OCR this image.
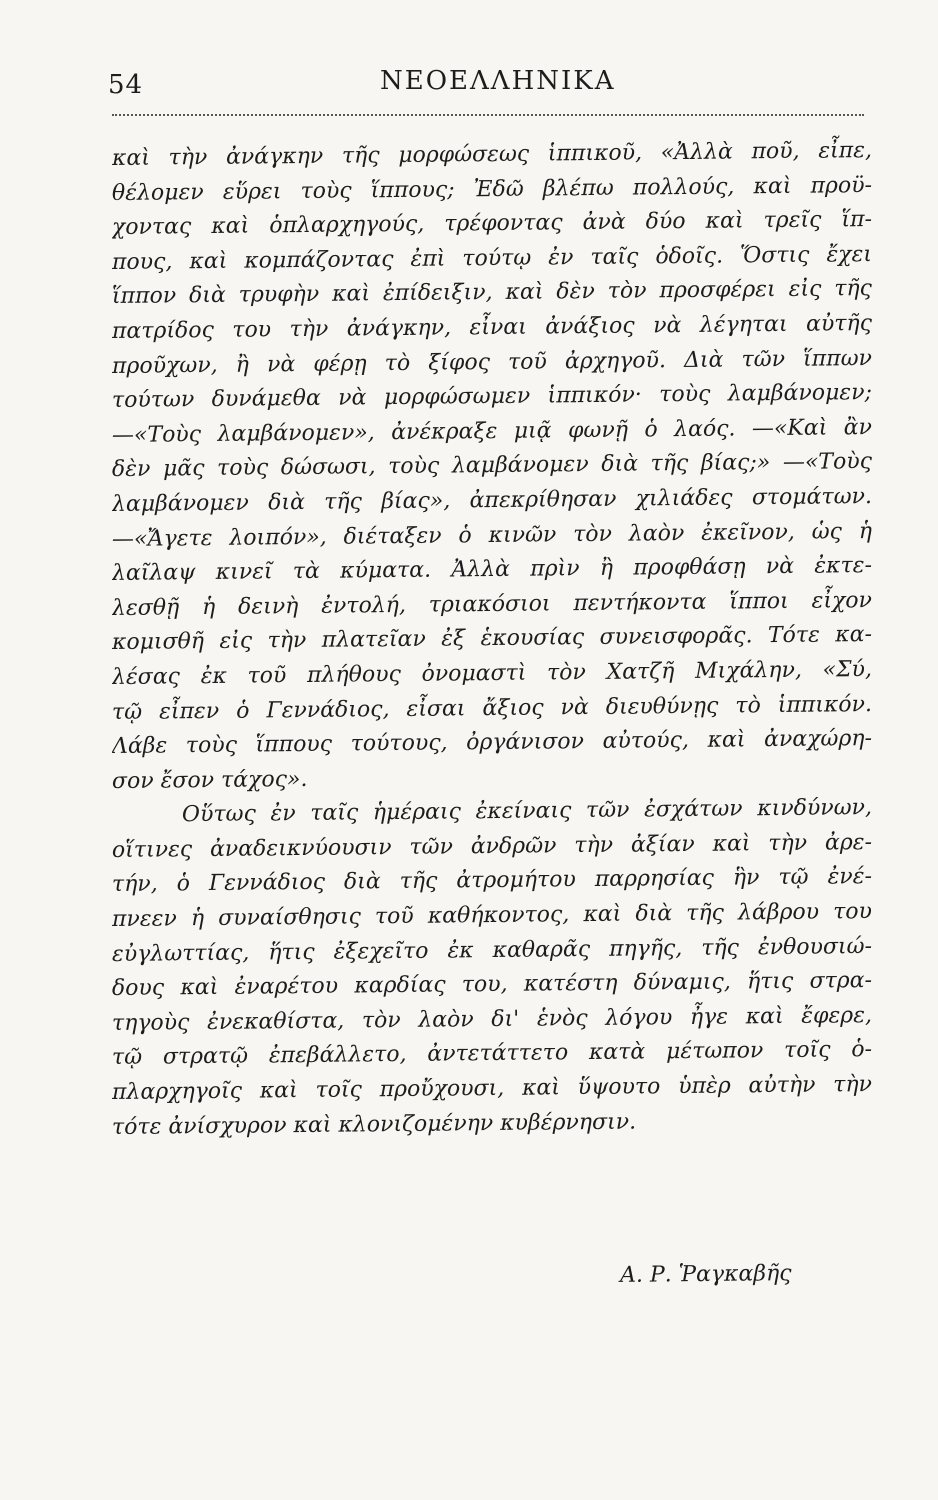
54	ΝΕΟΕΛΛΗΝΙΚΑ
καὶ τὴν ἀνάγκην τῆς μορφώσεως ἱππικοῦ, «Ἀλλὰ ποῦ, εἶπε,
θέλομεν εὕρει τοὺς ἵππους; Ἐδῶ βλέπω πολλούς, καὶ προϋ-
χοντας καὶ ὁπλαρχηγούς, τρέφοντας ἀνὰ δύο καὶ τρεῖς ἵπ-
πους, καὶ κομπάζοντας ἐπὶ τούτῳ ἐν ταῖς ὁδοῖς. Ὅστις ἔχει
ἵππον διὰ τρυφὴν καὶ ἐπίδειξιν, καὶ δὲν τὸν προσφέρει εἰς τῆς
πατρίδος του τὴν ἀνάγκην, εἶναι ἀνάξιος νὰ λέγηται αὐτῆς
προῦχων, ἢ νὰ φέρῃ τὸ ξίφος τοῦ ἀρχηγοῦ. Διὰ τῶν ἵππων
τούτων δυνάμεθα νὰ μορφώσωμεν ἱππικόν· τοὺς λαμβάνομεν;
—«Τοὺς λαμβάνομεν», ἀνέκραξε μιᾷ φωνῇ ὁ λαός. —«Καὶ ἂν
δὲν μᾶς τοὺς δώσωσι, τοὺς λαμβάνομεν διὰ τῆς βίας;» —«Τοὺς
λαμβάνομεν διὰ τῆς βίας», ἀπεκρίθησαν χιλιάδες στομάτων.
—«Ἄγετε λοιπόν», διέταξεν ὁ κινῶν τὸν λαὸν ἐκεῖνον, ὡς ἡ
λαῖλαψ κινεῖ τὰ κύματα. Ἀλλὰ πρὶν ἢ προφθάσῃ νὰ ἐκτε-
λεσθῇ ἡ δεινὴ ἐντολή, τριακόσιοι πεντήκοντα ἵπποι εἶχον
κομισθῆ εἰς τὴν πλατεῖαν ἐξ ἑκουσίας συνεισφορᾶς. Τότε κα-
λέσας ἐκ τοῦ πλήθους ὀνομαστὶ τὸν Χατζῆ Μιχάλην, «Σύ,
τῷ εἶπεν ὁ Γεννάδιος, εἶσαι ἄξιος νὰ διευθύνῃς τὸ ἱππικόν.
Λάβε τοὺς ἵππους τούτους, ὀργάνισον αὐτούς, καὶ ἀναχώρη-
σον ἔσον τάχος».
Οὕτως ἐν ταῖς ἡμέραις ἐκείναις τῶν ἐσχάτων κινδύνων,
οἵτινες ἀναδεικνύουσιν τῶν ἀνδρῶν τὴν ἀξίαν καὶ τὴν ἀρε-
τήν, ὁ Γεννάδιος διὰ τῆς ἀτρομήτου παρρησίας ἣν τῷ ἐνέ-
πνεεν ἡ συναίσθησις τοῦ καθήκοντος, καὶ διὰ τῆς λάβρου του
εὐγλωττίας, ἥτις ἐξεχεῖτο ἐκ καθαρᾶς πηγῆς, τῆς ἐνθουσιώ-
δους καὶ ἐναρέτου καρδίας του, κατέστη δύναμις, ἥτις στρα-
τηγοὺς ἐνεκαθίστα, τὸν λαὸν δι' ἑνὸς λόγου ἦγε καὶ ἔφερε,
τῷ στρατῷ ἐπεβάλλετο, ἀντετάττετο κατὰ μέτωπον τοῖς ὁ-
πλαρχηγοῖς καὶ τοῖς προὔχουσι, καὶ ὕψουτο ὑπὲρ αὐτὴν τὴν
τότε ἀνίσχυρον καὶ κλονιζομένην κυβέρνησιν.
Α. Ρ. Ῥαγκαβῆς
